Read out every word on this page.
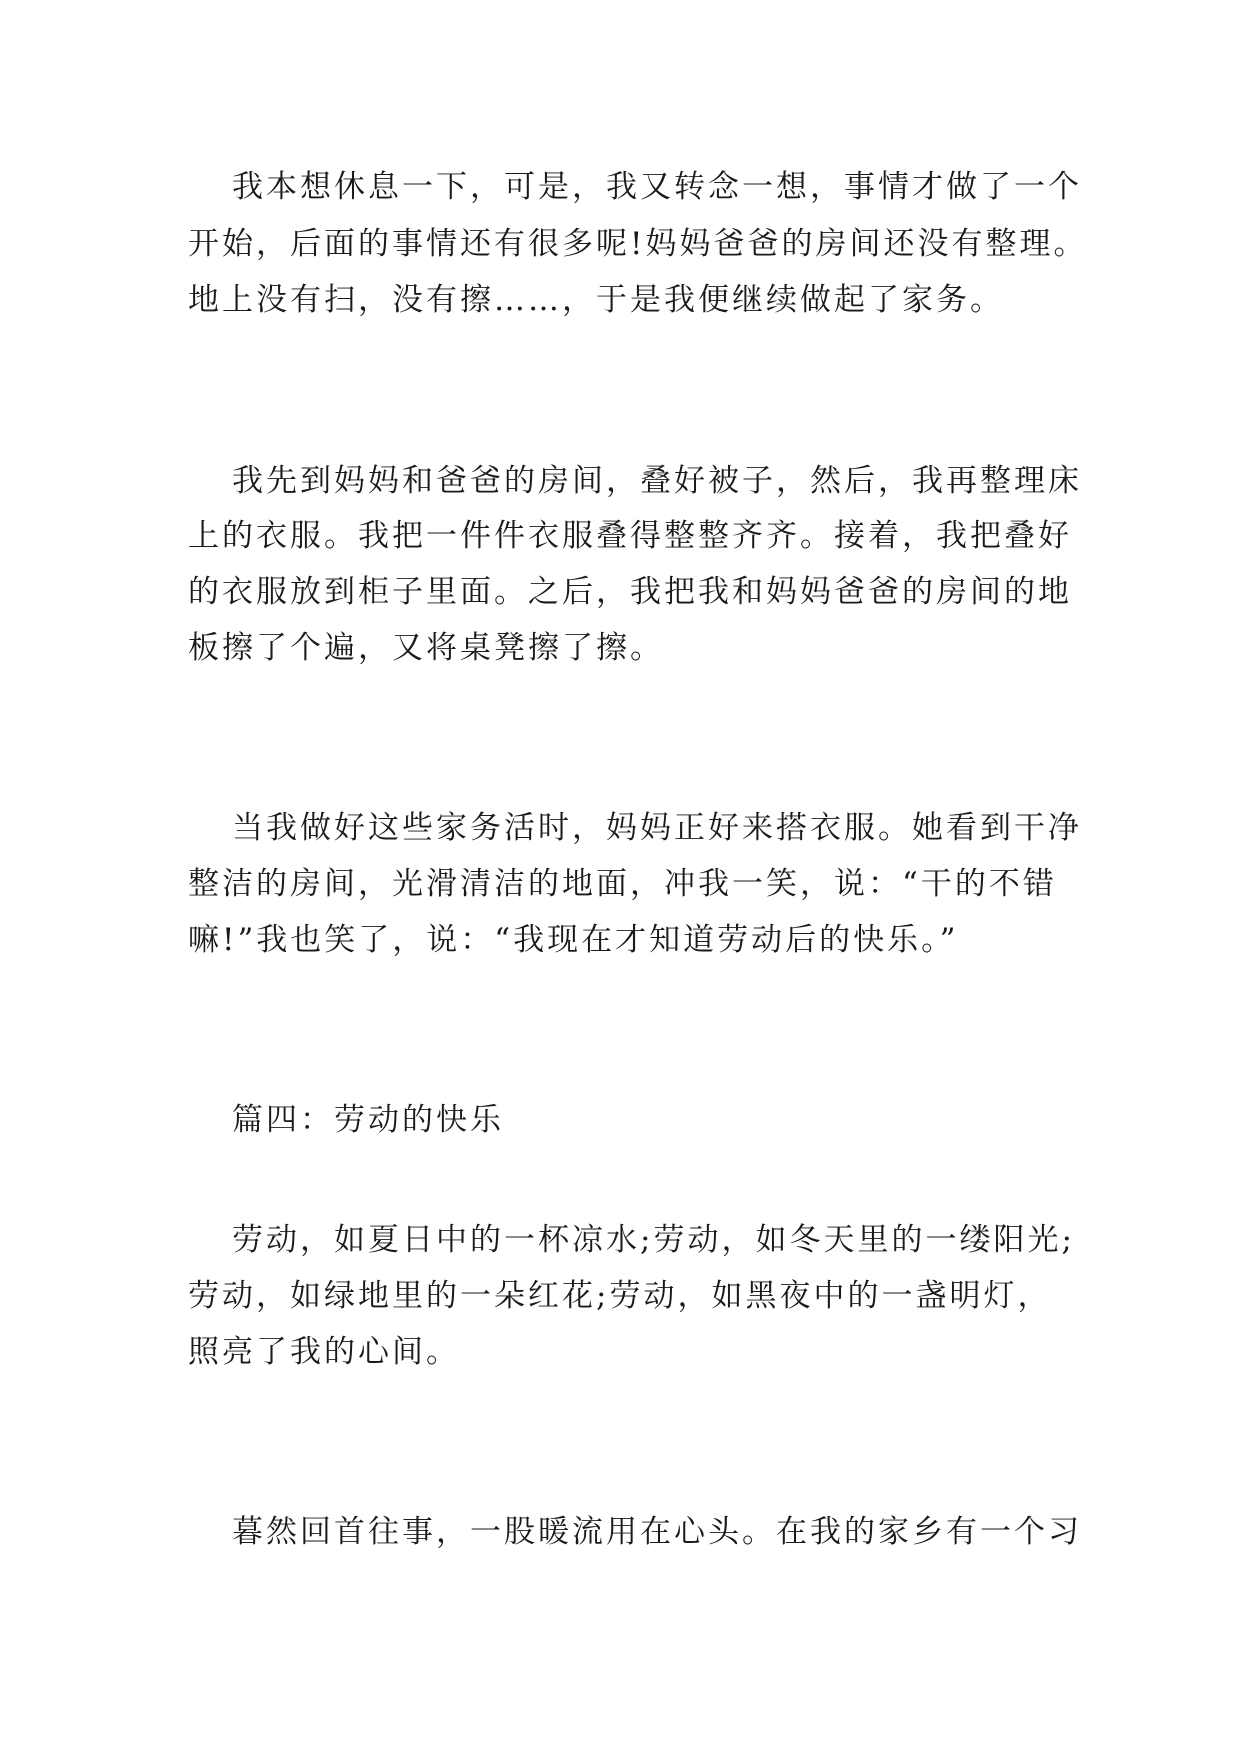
我本想休息一下，可是，我又转念一想，事情才做了一个
开始，后面的事情还有很多呢!妈妈爸爸的房间还没有整理。
地上没有扫，没有擦……，于是我便继续做起了家务。
我先到妈妈和爸爸的房间，叠好被子，然后，我再整理床
上的衣服。我把一件件衣服叠得整整齐齐。接着，我把叠好
的衣服放到柜子里面。之后，我把我和妈妈爸爸的房间的地
板擦了个遍，又将桌凳擦了擦。
当我做好这些家务活时，妈妈正好来搭衣服。她看到干净
整洁的房间，光滑清洁的地面，冲我一笑，说：“干的不错
嘛!”我也笑了，说：“我现在才知道劳动后的快乐。”
篇四：劳动的快乐
劳动，如夏日中的一杯凉水;劳动，如冬天里的一缕阳光;
劳动，如绿地里的一朵红花;劳动，如黑夜中的一盏明灯，
照亮了我的心间。
暮然回首往事，一股暖流用在心头。在我的家乡有一个习
